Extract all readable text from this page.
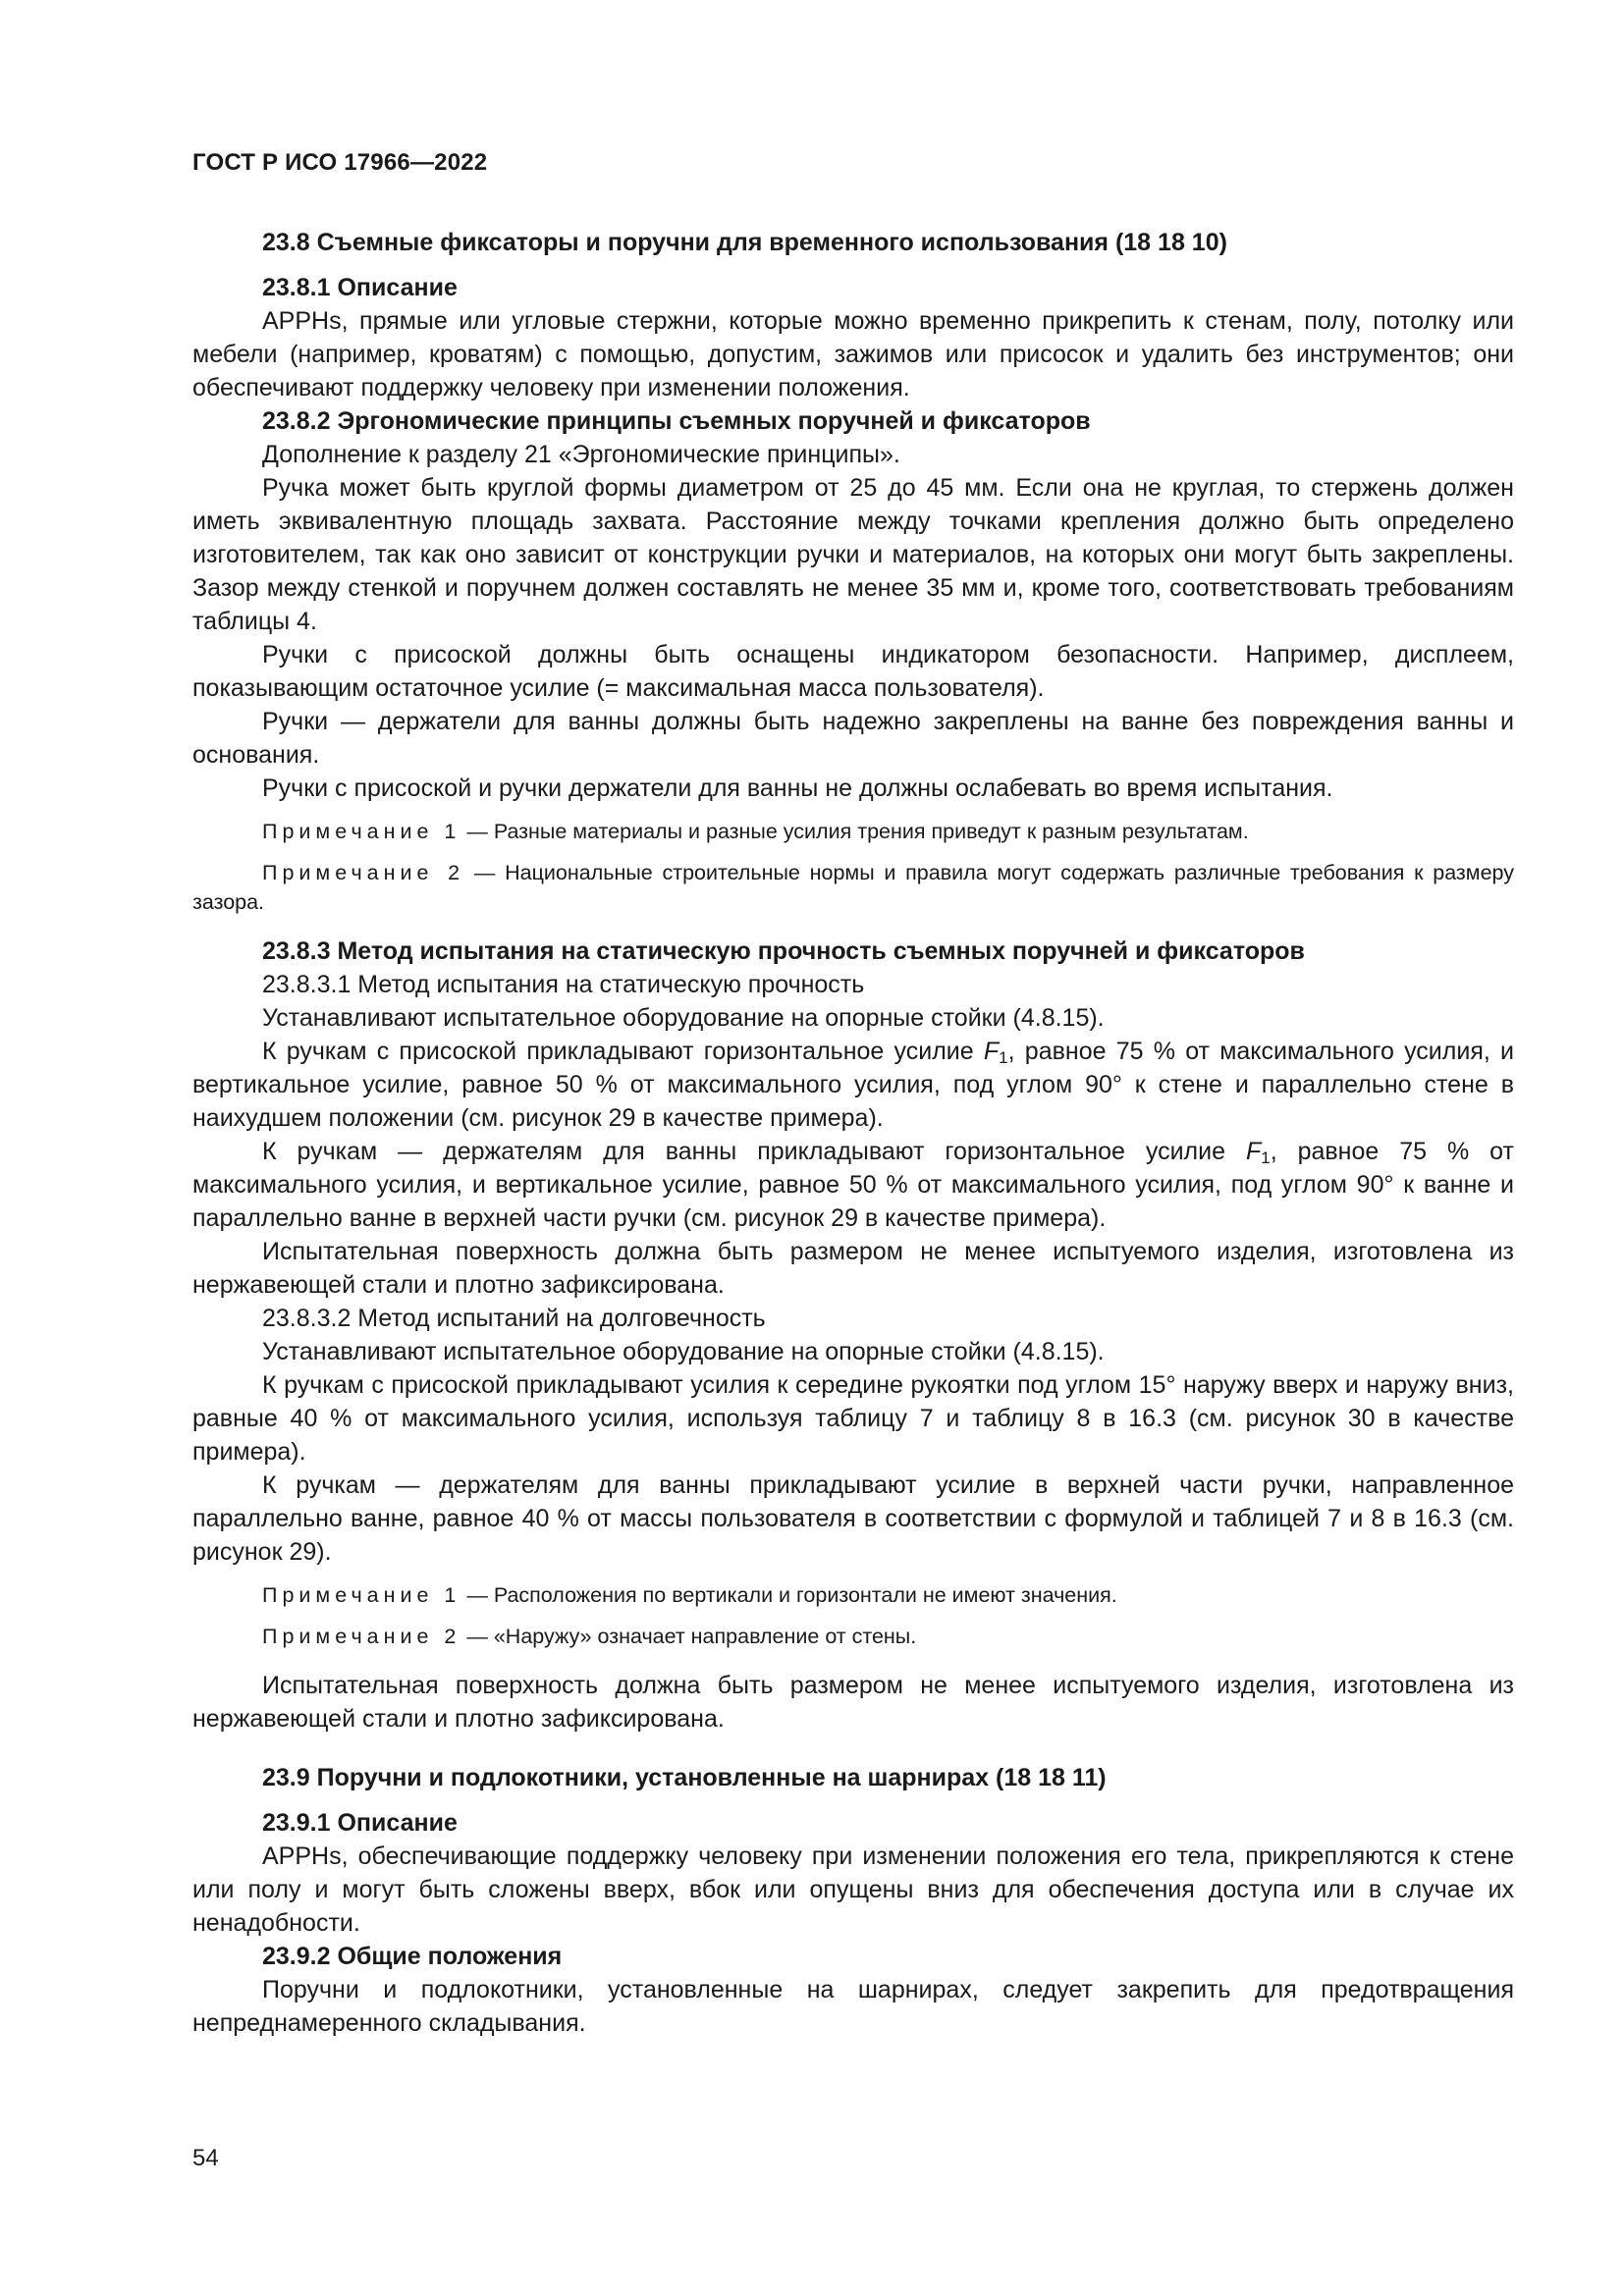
ГОСТ Р ИСО 17966—2022
23.8 Съемные фиксаторы и поручни для временного использования (18 18 10)
23.8.1 Описание

APPHs, прямые или угловые стержни, которые можно временно прикрепить к стенам, полу, потолку или мебели (например, кроватям) с помощью, допустим, зажимов или присосок и удалить без инструментов; они обеспечивают поддержку человеку при изменении положения.

23.8.2 Эргономические принципы съемных поручней и фиксаторов

Дополнение к разделу 21 «Эргономические принципы».

Ручка может быть круглой формы диаметром от 25 до 45 мм. Если она не круглая, то стержень должен иметь эквивалентную площадь захвата. Расстояние между точками крепления должно быть определено изготовителем, так как оно зависит от конструкции ручки и материалов, на которых они могут быть закреплены. Зазор между стенкой и поручнем должен составлять не менее 35 мм и, кроме того, соответствовать требованиям таблицы 4.

Ручки с присоской должны быть оснащены индикатором безопасности. Например, дисплеем, показывающим остаточное усилие (= максимальная масса пользователя).

Ручки — держатели для ванны должны быть надежно закреплены на ванне без повреждения ванны и основания.

Ручки с присоской и ручки держатели для ванны не должны ослабевать во время испытания.

Примечание 1 — Разные материалы и разные усилия трения приведут к разным результатам.

Примечание 2 — Национальные строительные нормы и правила могут содержать различные требования к размеру зазора.

23.8.3 Метод испытания на статическую прочность съемных поручней и фиксаторов

23.8.3.1 Метод испытания на статическую прочность

Устанавливают испытательное оборудование на опорные стойки (4.8.15).

К ручкам с присоской прикладывают горизонтальное усилие $F_1$, равное 75 % от максимального усилия, и вертикальное усилие, равное 50 % от максимального усилия, под углом 90° к стене и параллельно стене в наихудшем положении (см. рисунок 29 в качестве примера).

К ручкам — держателям для ванны прикладывают горизонтальное усилие $F_1$, равное 75 % от максимального усилия, и вертикальное усилие, равное 50 % от максимального усилия, под углом 90° к ванне и параллельно ванне в верхней части ручки (см. рисунок 29 в качестве примера).

Испытательная поверхность должна быть размером не менее испытуемого изделия, изготовлена из нержавеющей стали и плотно зафиксирована.

23.8.3.2 Метод испытаний на долговечность

Устанавливают испытательное оборудование на опорные стойки (4.8.15).

К ручкам с присоской прикладывают усилия к середине рукоятки под углом 15° наружу вверх и наружу вниз, равные 40 % от максимального усилия, используя таблицу 7 и таблицу 8 в 16.3 (см. рисунок 30 в качестве примера).

К ручкам — держателям для ванны прикладывают усилие в верхней части ручки, направленное параллельно ванне, равное 40 % от массы пользователя в соответствии с формулой и таблицей 7 и 8 в 16.3 (см. рисунок 29).

Примечание 1 — Расположения по вертикали и горизонтали не имеют значения.

Примечание 2 — «Наружу» означает направление от стены.

Испытательная поверхность должна быть размером не менее испытуемого изделия, изготовлена из нержавеющей стали и плотно зафиксирована.

23.9 Поручни и подлокотники, установленные на шарнирах (18 18 11)
23.9.1 Описание

APPHs, обеспечивающие поддержку человеку при изменении положения его тела, прикрепляются к стене или полу и могут быть сложены вверх, вбок или опущены вниз для обеспечения доступа или в случае их ненадобности.

23.9.2 Общие положения

Поручни и подлокотники, установленные на шарнирах, следует закрепить для предотвращения непреднамеренного складывания.

54
